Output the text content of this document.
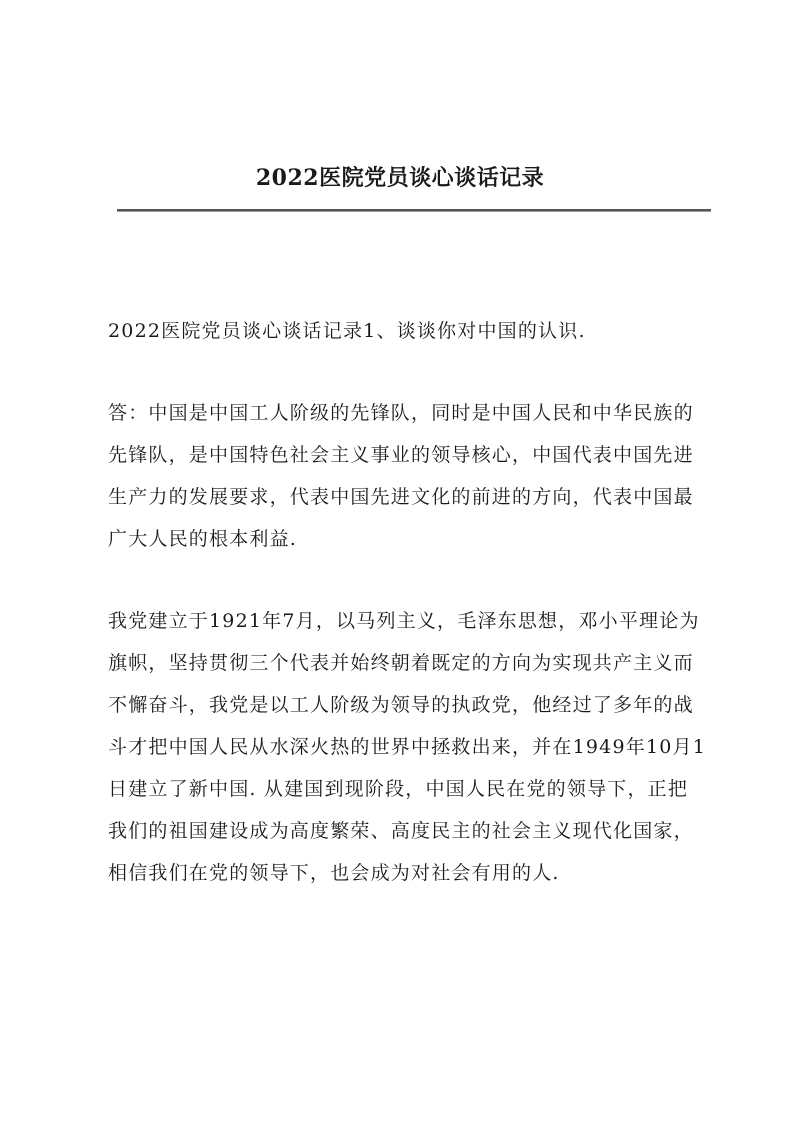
2022医院党员谈心谈话记录

2022医院党员谈心谈话记录1、谈谈你对中国的认识.

答：中国是中国工人阶级的先锋队，同时是中国人民和中华民族的先锋队，是中国特色社会主义事业的领导核心，中国代表中国先进生产力的发展要求，代表中国先进文化的前进的方向，代表中国最广大人民的根本利益.

我党建立于1921年7月，以马列主义，毛泽东思想，邓小平理论为旗帜，坚持贯彻三个代表并始终朝着既定的方向为实现共产主义而不懈奋斗，我党是以工人阶级为领导的执政党，他经过了多年的战斗才把中国人民从水深火热的世界中拯救出来，并在1949年10月1日建立了新中国. 从建国到现阶段，中国人民在党的领导下，正把我们的祖国建设成为高度繁荣、高度民主的社会主义现代化国家，相信我们在党的领导下，也会成为对社会有用的人.
